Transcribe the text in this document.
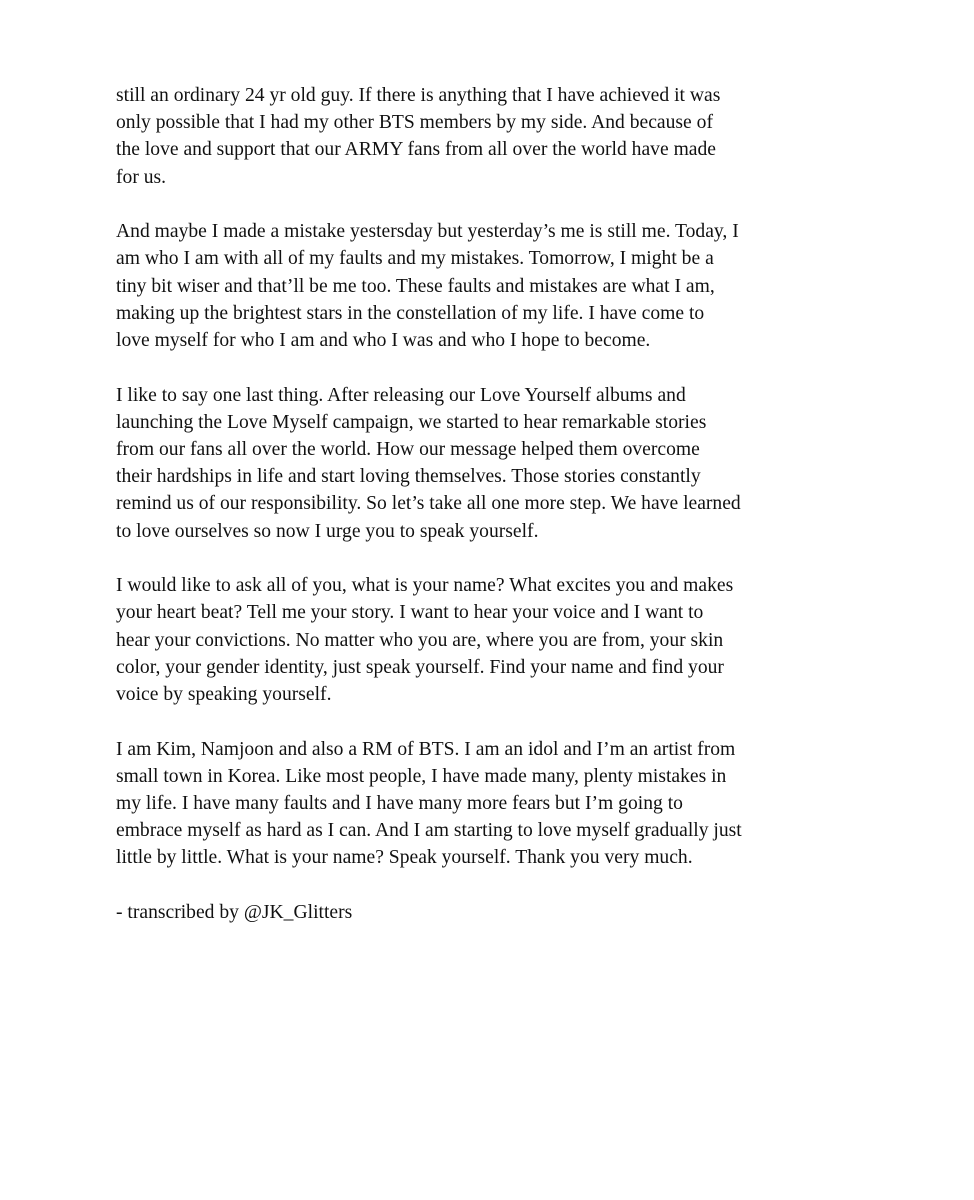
still an ordinary 24 yr old guy. If there is anything that I have achieved it was
only possible that I had my other BTS members by my side. And because of
the love and support that our ARMY fans from all over the world have made
for us.

And maybe I made a mistake yestersday but yesterday’s me is still me. Today, I
am who I am with all of my faults and my mistakes. Tomorrow, I might be a
tiny bit wiser and that’ll be me too. These faults and mistakes are what I am,
making up the brightest stars in the constellation of my life. I have come to
love myself for who I am and who I was and who I hope to become.

I like to say one last thing. After releasing our Love Yourself albums and
launching the Love Myself campaign, we started to hear remarkable stories
from our fans all over the world. How our message helped them overcome
their hardships in life and start loving themselves. Those stories constantly
remind us of our responsibility. So let’s take all one more step. We have learned
to love ourselves so now I urge you to speak yourself.

I would like to ask all of you, what is your name? What excites you and makes
your heart beat? Tell me your story. I want to hear your voice and I want to
hear your convictions. No matter who you are, where you are from, your skin
color, your gender identity, just speak yourself. Find your name and find your
voice by speaking yourself.

I am Kim, Namjoon and also a RM of BTS. I am an idol and I’m an artist from
small town in Korea. Like most people, I have made many, plenty mistakes in
my life. I have many faults and I have many more fears but I’m going to
embrace myself as hard as I can. And I am starting to love myself gradually just
little by little. What is your name? Speak yourself. Thank you very much.

- transcribed by @JK_Glitters
